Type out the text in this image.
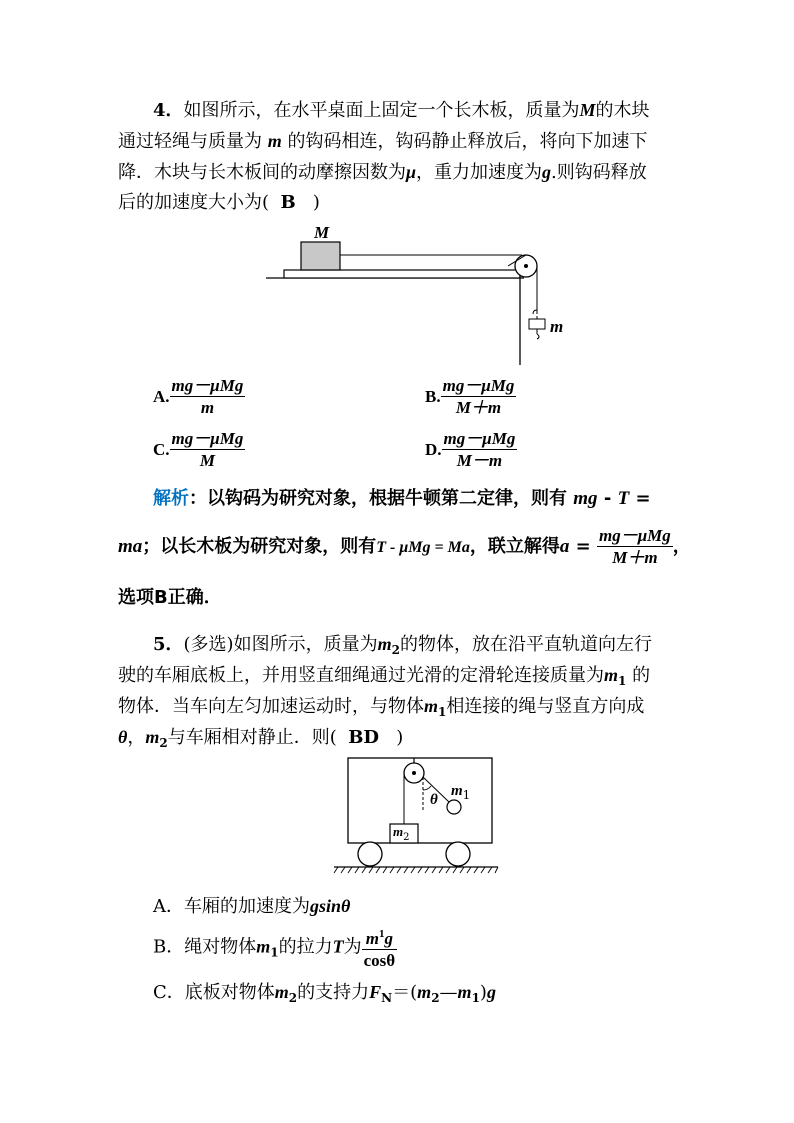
4．如图所示，在水平桌面上固定一个长木板，质量为M的木块
通过轻绳与质量为 m 的钩码相连，钩码静止释放后，将向下加速下
降．木块与长木板间的动摩擦因数为μ，重力加速度为g.则钩码释放
后的加速度大小为( B )
M
m
A. $\frac{\text{mg－μMg}}{m}$	B. $\frac{\text{mg－μMg}}{M+m}$
C. $\frac{\text{mg－μMg}}{M}$	D. $\frac{\text{mg－μMg}}{M-m}$
解析：以钩码为研究对象，根据牛顿第二定律，则有 mg - T =
ma；以长木板为研究对象，则有T - μMg = Ma，联立解得$a = \frac{\text{mg－μMg}}{M+m}$ ，
选项B正确．
5．(多选)如图所示，质量为$m_2$的物体，放在沿平直轨道向左行
驶的车厢底板上，并用竖直细绳通过光滑的定滑轮连接质量为$m_1$ 的
物体．当车向左匀加速运动时，与物体$m_1$相连接的绳与竖直方向成
θ，$m_2$与车厢相对静止．则( BD )
θ
$m_1$
$m_2$
A．车厢的加速度为gsinθ
B．绳对物体$m_1$的拉力T为 $\frac{m^1g}{\cos\theta}$
C．底板对物体$m_2$的支持力$F_N=(m_2—m_1)g$
